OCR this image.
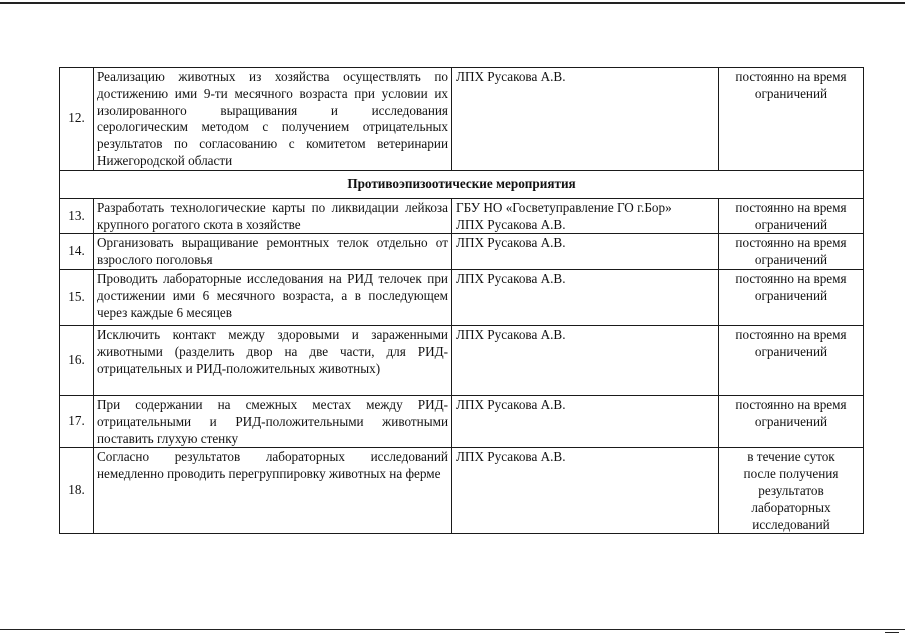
12.	Реализацию животных из хозяйства осуществлять по достижению ими 9-ти месячного возраста при условии их изолированного выращивания и исследования серологическим методом с получением отрицательных результатов по согласованию с комитетом ветеринарии Нижегородской области	ЛПХ Русакова А.В.	постоянно на время
ограничений

Противоэпизоотические мероприятия			
13.	Разработать технологические карты по ликвидации лейкоза крупного рогатого скота в хозяйстве	ГБУ НО «Госветуправление ГО г.Бор»
ЛПХ Русакова А.В.	постоянно на время
ограничений

14.	Организовать выращивание ремонтных телок отдельно от взрослого поголовья	ЛПХ Русакова А.В.	постоянно на время
ограничений

15.	Проводить лабораторные исследования на РИД телочек при достижении ими 6 месячного возраста, а в последующем через каждые 6 месяцев	ЛПХ Русакова А.В.	постоянно на время
ограничений

16.	Исключить контакт между здоровыми и зараженными животными (разделить двор на две части, для РИД-отрицательных и РИД-положительных животных)	ЛПХ Русакова А.В.	постоянно на время
ограничений

17.	При содержании на смежных местах между РИД-отрицательными и РИД-положительными животными поставить глухую стенку	ЛПХ Русакова А.В.	постоянно на время
ограничений

18.	Согласно результатов лабораторных исследований немедленно проводить перегруппировку животных на ферме	ЛПХ Русакова А.В.	в течение суток
после получения
результатов
лабораторных
исследований
